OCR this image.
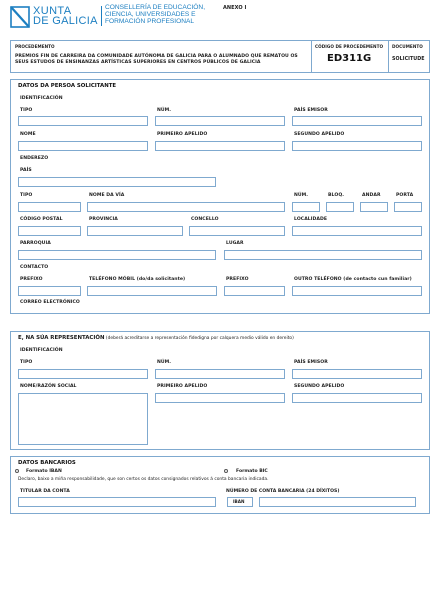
XUNTA
DE GALICIA
CONSELLERÍA DE EDUCACIÓN,
CIENCIA, UNIVERSIDADES E
FORMACIÓN PROFESIONAL
ANEXO I
PROCEDEMENTO
PREMIOS FIN DE CARREIRA DA COMUNIDADE AUTÓNOMA DE GALICIA PARA O ALUMNADO QUE REMATOU OS
SEUS ESTUDOS DE ENSINANZAS ARTÍSTICAS SUPERIORES EN CENTROS PÚBLICOS DE GALICIA
CÓDIGO DE PROCEDEMENTO
ED311G
DOCUMENTO
SOLICITUDE
DATOS DA PERSOA SOLICITANTE
IDENTIFICACIÓN
TIPO	NÚM.	PAÍS EMISOR
NOME	PRIMEIRO APELIDO	SEGUNDO APELIDO
ENDEREZO
PAÍS
TIPO	NOME DA VÍA	NÚM.	BLOQ.	ANDAR	PORTA
CÓDIGO POSTAL	PROVINCIA	CONCELLO	LOCALIDADE
PARROQUIA	LUGAR
CONTACTO
PREFIXO	TELÉFONO MÓBIL (do/da solicitante)	PREFIXO	OUTRO TELÉFONO (de contacto cun familiar)
CORREO ELECTRÓNICO
E, NA SÚA REPRESENTACIÓN (deberá acreditarse a representación fidedigna por calquera medio válido en dereito)
IDENTIFICACIÓN
TIPO	NÚM.	PAÍS EMISOR
NOME/RAZÓN SOCIAL	PRIMEIRO APELIDO	SEGUNDO APELIDO
DATOS BANCARIOS
Formato IBAN	Formato BIC
Declaro, baixo a miña responsabilidade, que son certos os datos consignados relativos á conta bancaria indicada.
TITULAR DA CONTA	NÚMERO DE CONTA BANCARIA (24 DÍXITOS)
IBAN
